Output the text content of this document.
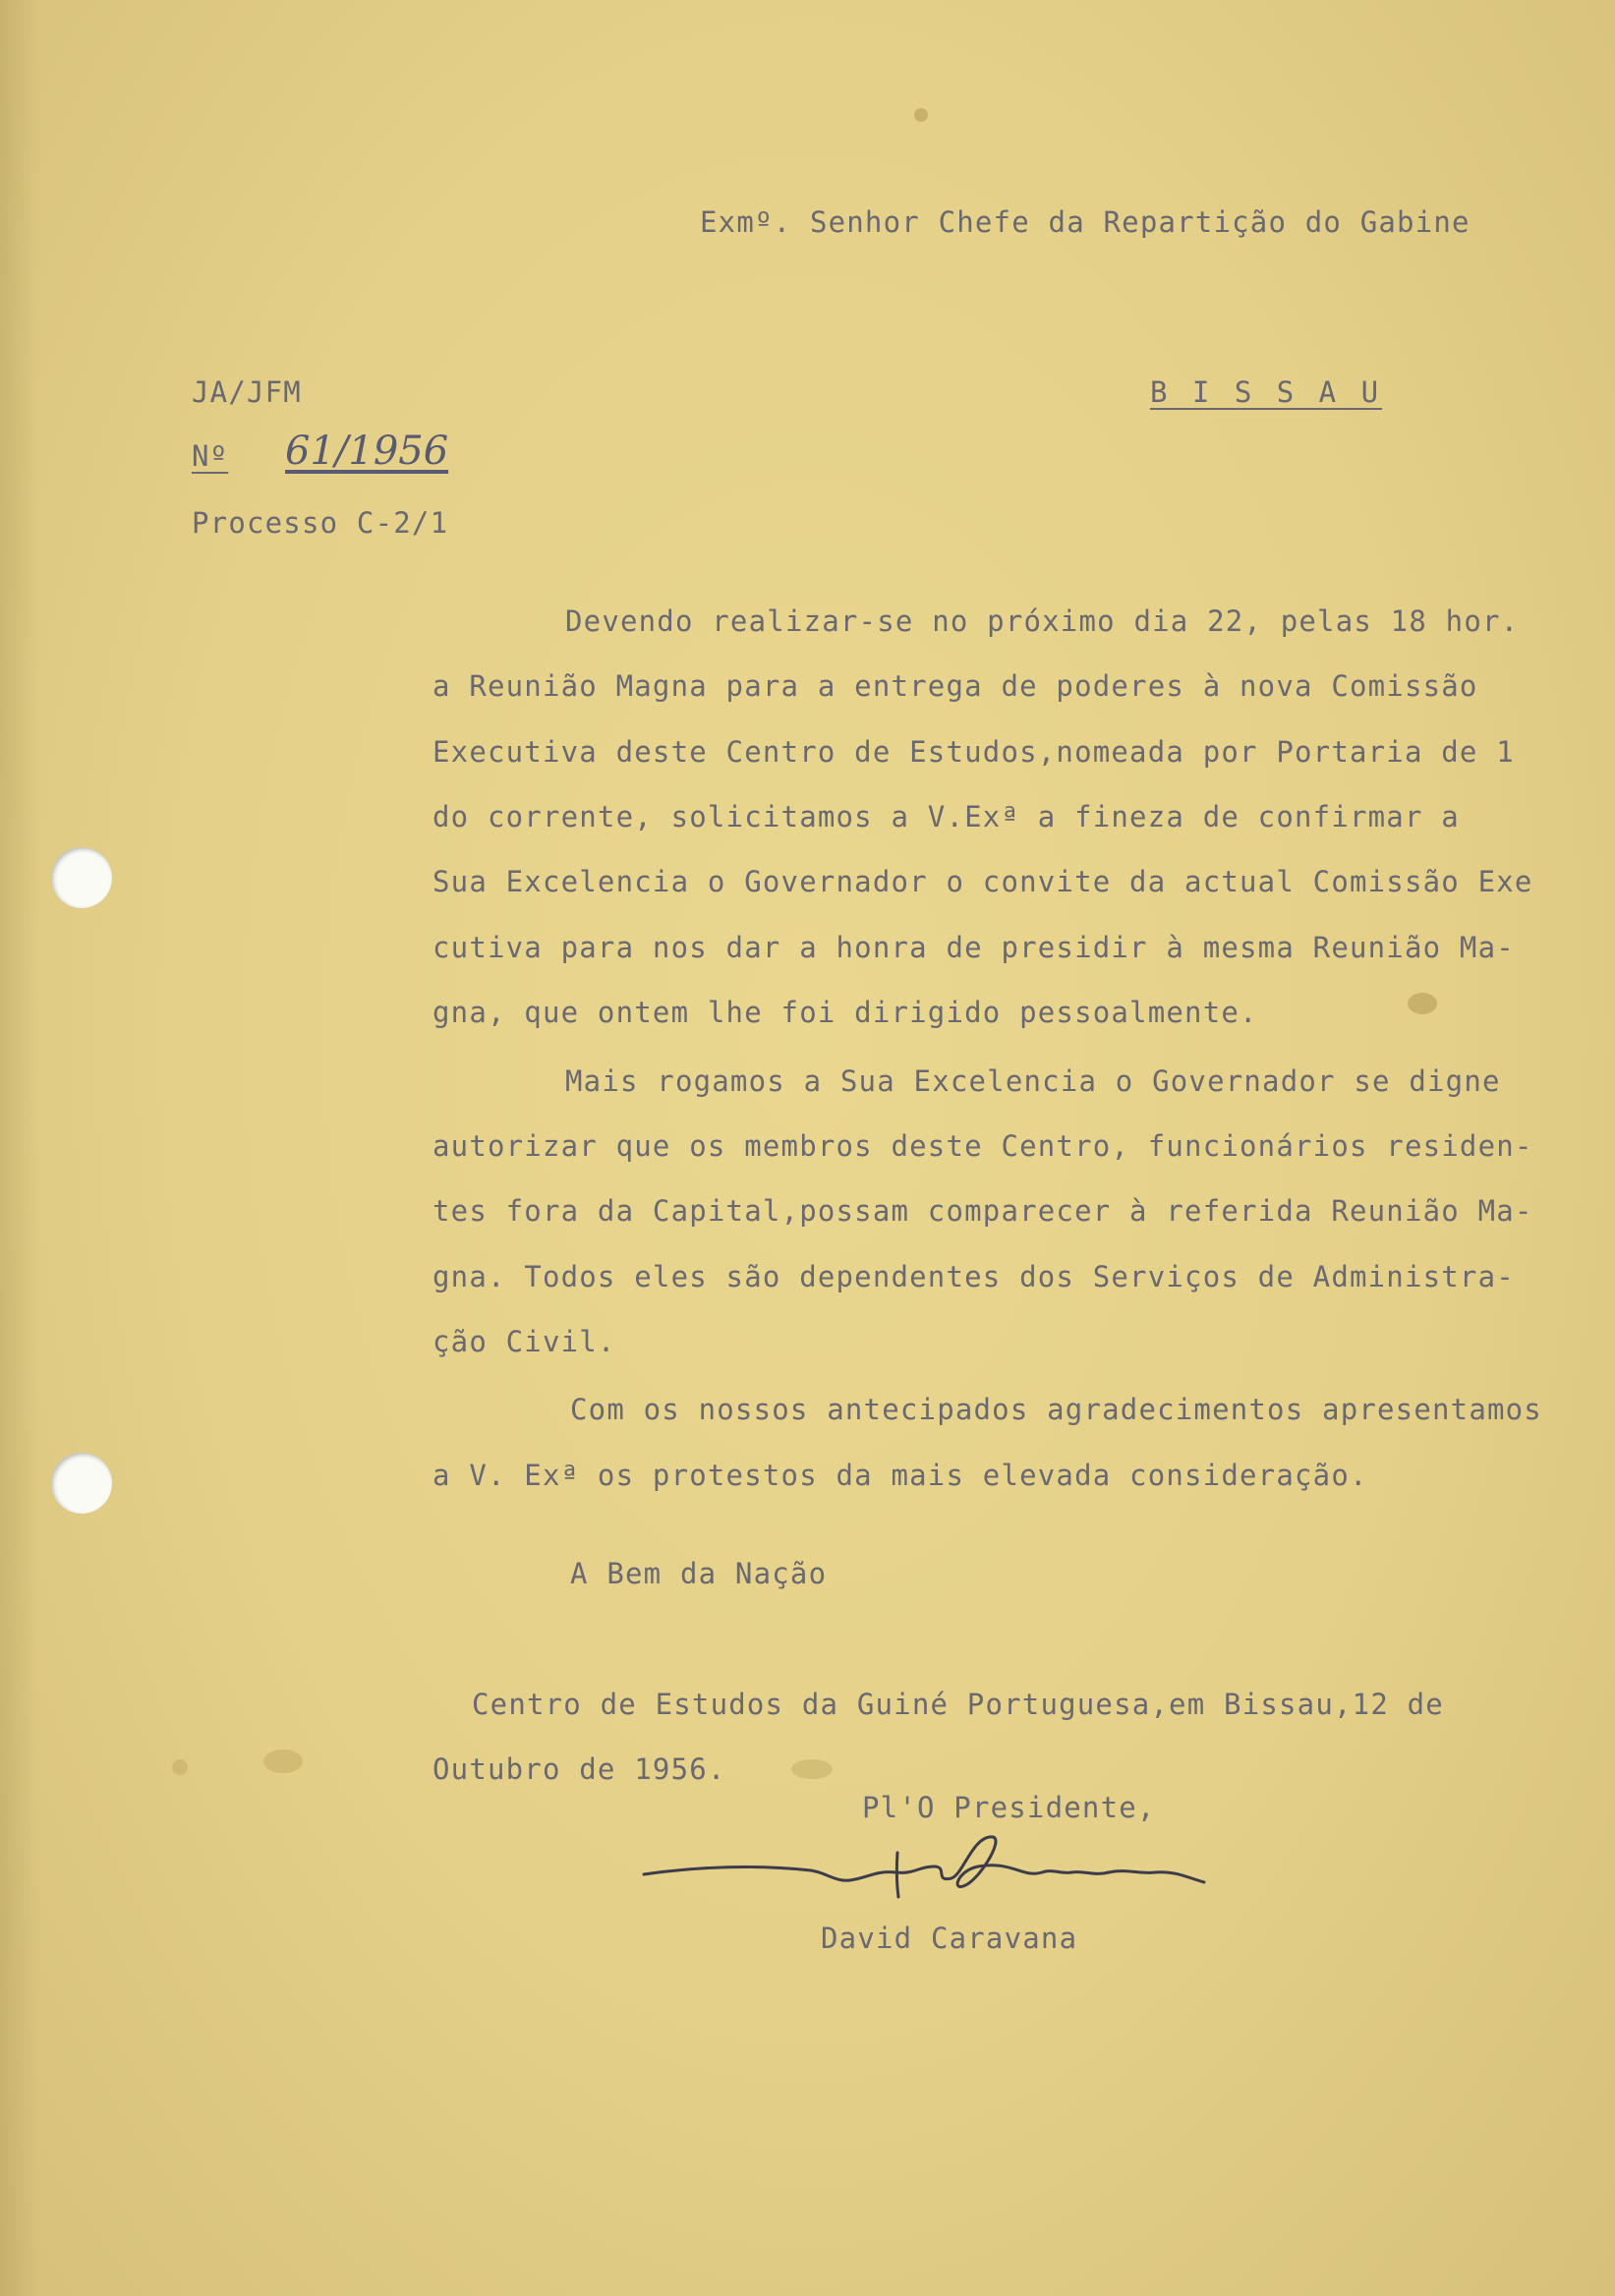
Exmº. Senhor Chefe da Repartição do Gabine
JA/JFM	B I S S A U
Nº 61/1956
Processo C-2/1
Devendo realizar-se no próximo dia 22, pelas 18 hor.
a Reunião Magna para a entrega de poderes à nova Comissão
Executiva deste Centro de Estudos,nomeada por Portaria de 1
do corrente, solicitamos a V.Exª a fineza de confirmar a
Sua Excelencia o Governador o convite da actual Comissão Exe
cutiva para nos dar a honra de presidir à mesma Reunião Ma-
gna, que ontem lhe foi dirigido pessoalmente.
Mais rogamos a Sua Excelencia o Governador se digne
autorizar que os membros deste Centro, funcionários residen-
tes fora da Capital,possam comparecer à referida Reunião Ma-
gna. Todos eles são dependentes dos Serviços de Administra-
ção Civil.
Com os nossos antecipados agradecimentos apresentamos
a V. Exª os protestos da mais elevada consideração.
A Bem da Nação
Centro de Estudos da Guiné Portuguesa,em Bissau,12 de
Outubro de 1956.
Pl'O Presidente,
David Caravana
